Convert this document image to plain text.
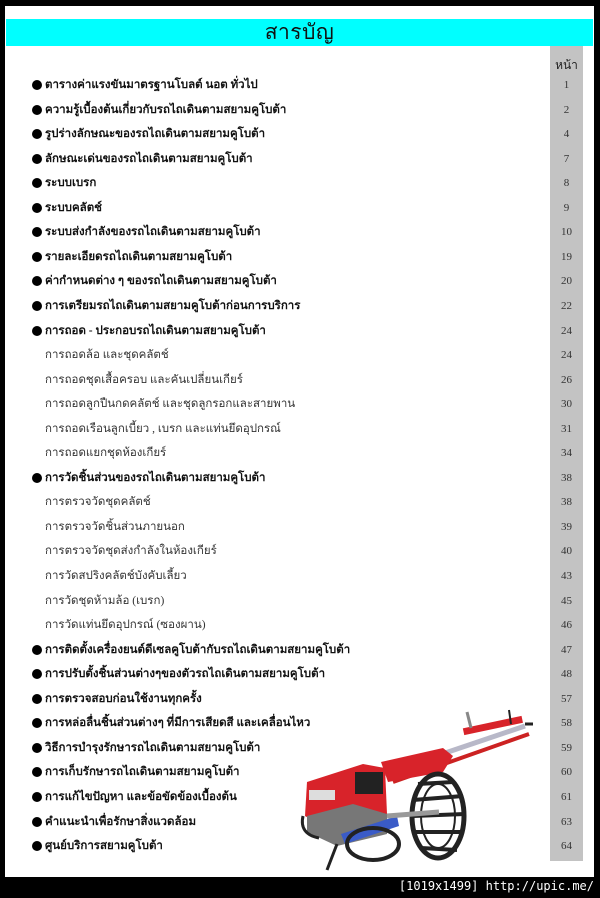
สารบัญ
หน้า
ตารางค่าแรงขันมาตรฐานโบลต์ นอต ทั่วไป	1
ความรู้เบื้องต้นเกี่ยวกับรถไถเดินตามสยามคูโบต้า	2
รูปร่างลักษณะของรถไถเดินตามสยามคูโบต้า	4
ลักษณะเด่นของรถไถเดินตามสยามคูโบต้า	7
ระบบเบรก	8
ระบบคลัตช์	9
ระบบส่งกำลังของรถไถเดินตามสยามคูโบต้า	10
รายละเอียดรถไถเดินตามสยามคูโบต้า	19
ค่ากำหนดต่าง ๆ ของรถไถเดินตามสยามคูโบต้า	20
การเตรียมรถไถเดินตามสยามคูโบต้าก่อนการบริการ	22
การถอด - ประกอบรถไถเดินตามสยามคูโบต้า	24
การถอดล้อ และชุดคลัตช์	24
การถอดชุดเสื้อครอบ และคันเปลี่ยนเกียร์	26
การถอดลูกปืนกดคลัตช์ และชุดลูกรอกและสายพาน	30
การถอดเรือนลูกเบี้ยว , เบรก และแท่นยึดอุปกรณ์	31
การถอดแยกชุดห้องเกียร์	34
การวัดชิ้นส่วนของรถไถเดินตามสยามคูโบต้า	38
การตรวจวัดชุดคลัตช์	38
การตรวจวัดชิ้นส่วนภายนอก	39
การตรวจวัดชุดส่งกำลังในห้องเกียร์	40
การวัดสปริงคลัตช์บังคับเลี้ยว	43
การวัดชุดห้ามล้อ (เบรก)	45
การวัดแท่นยึดอุปกรณ์ (ซองผาน)	46
การติดตั้งเครื่องยนต์ดีเซลคูโบต้ากับรถไถเดินตามสยามคูโบต้า	47
การปรับตั้งชิ้นส่วนต่างๆของตัวรถไถเดินตามสยามคูโบต้า	48
การตรวจสอบก่อนใช้งานทุกครั้ง	57
การหล่อลื่นชิ้นส่วนต่างๆ ที่มีการเสียดสี และเคลื่อนไหว	58
วิธีการบำรุงรักษารถไถเดินตามสยามคูโบต้า	59
การเก็บรักษารถไถเดินตามสยามคูโบต้า	60
การแก้ไขปัญหา และข้อขัดข้องเบื้องต้น	61
คำแนะนำเพื่อรักษาสิ่งแวดล้อม	63
ศูนย์บริการสยามคูโบต้า	64
[1019x1499] http://upic.me/
